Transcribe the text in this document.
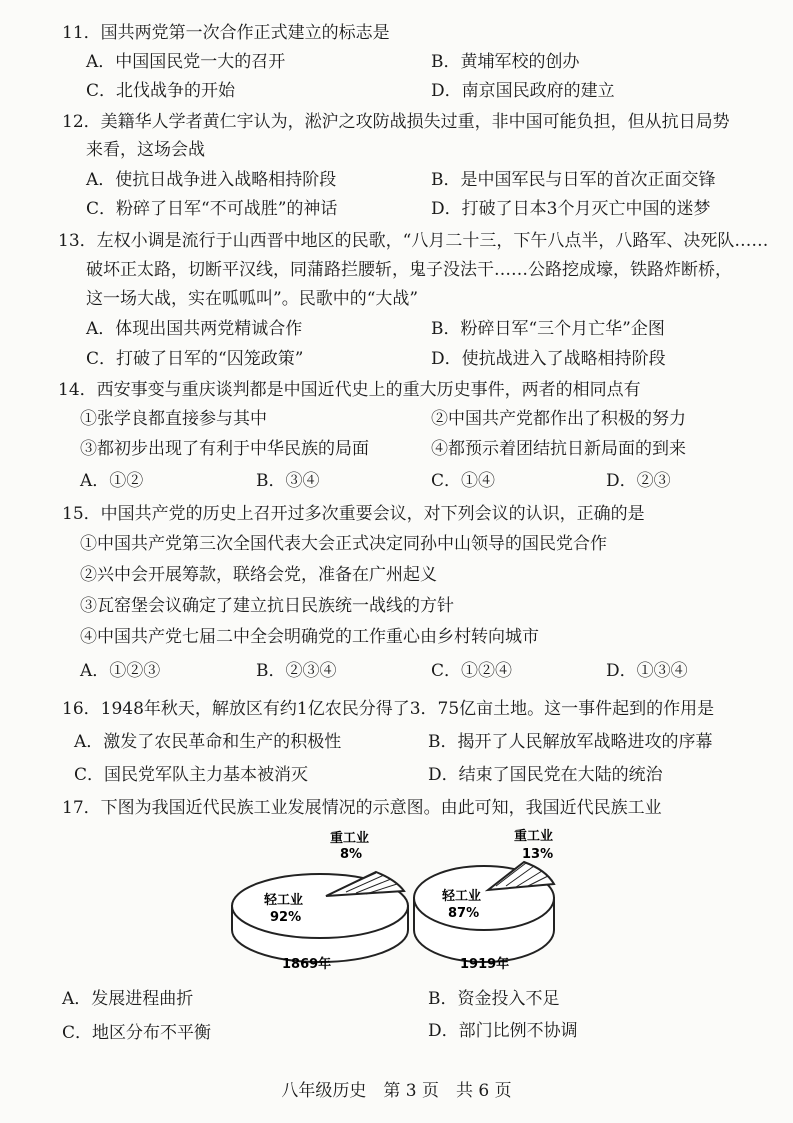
11．国共两党第一次合作正式建立的标志是
A．中国国民党一大的召开	B．黄埔军校的创办
C．北伐战争的开始	D．南京国民政府的建立
12．美籍华人学者黄仁宇认为，淞沪之攻防战损失过重，非中国可能负担，但从抗日局势
来看，这场会战
A．使抗日战争进入战略相持阶段	B．是中国军民与日军的首次正面交锋
C．粉碎了日军“不可战胜”的神话	D．打破了日本3个月灭亡中国的迷梦
13．左权小调是流行于山西晋中地区的民歌，“八月二十三，下午八点半，八路军、决死队……
破坏正太路，切断平汉线，同蒲路拦腰斩，鬼子没法干……公路挖成壕，铁路炸断桥，
这一场大战，实在呱呱叫”。民歌中的“大战”
A．体现出国共两党精诚合作	B．粉碎日军“三个月亡华”企图
C．打破了日军的“囚笼政策”	D．使抗战进入了战略相持阶段
14．西安事变与重庆谈判都是中国近代史上的重大历史事件，两者的相同点有
①张学良都直接参与其中	②中国共产党都作出了积极的努力
③都初步出现了有利于中华民族的局面	④都预示着团结抗日新局面的到来
A．①②	B．③④	C．①④	D．②③
15．中国共产党的历史上召开过多次重要会议，对下列会议的认识，正确的是
①中国共产党第三次全国代表大会正式决定同孙中山领导的国民党合作
②兴中会开展筹款，联络会党，准备在广州起义
③瓦窑堡会议确定了建立抗日民族统一战线的方针
④中国共产党七届二中全会明确党的工作重心由乡村转向城市
A．①②③	B．②③④	C．①②④	D．①③④
16．1948年秋天，解放区有约1亿农民分得了3．75亿亩土地。这一事件起到的作用是
A．激发了农民革命和生产的积极性	B．揭开了人民解放军战略进攻的序幕
C．国民党军队主力基本被消灭	D．结束了国民党在大陆的统治
17．下图为我国近代民族工业发展情况的示意图。由此可知，我国近代民族工业
轻工业
92%
重工业
8%
1869年
轻工业
87%
重工业
13%
1919年
A．发展进程曲折	B．资金投入不足
C．地区分布不平衡	D．部门比例不协调
八年级历史　第 3 页　共 6 页
